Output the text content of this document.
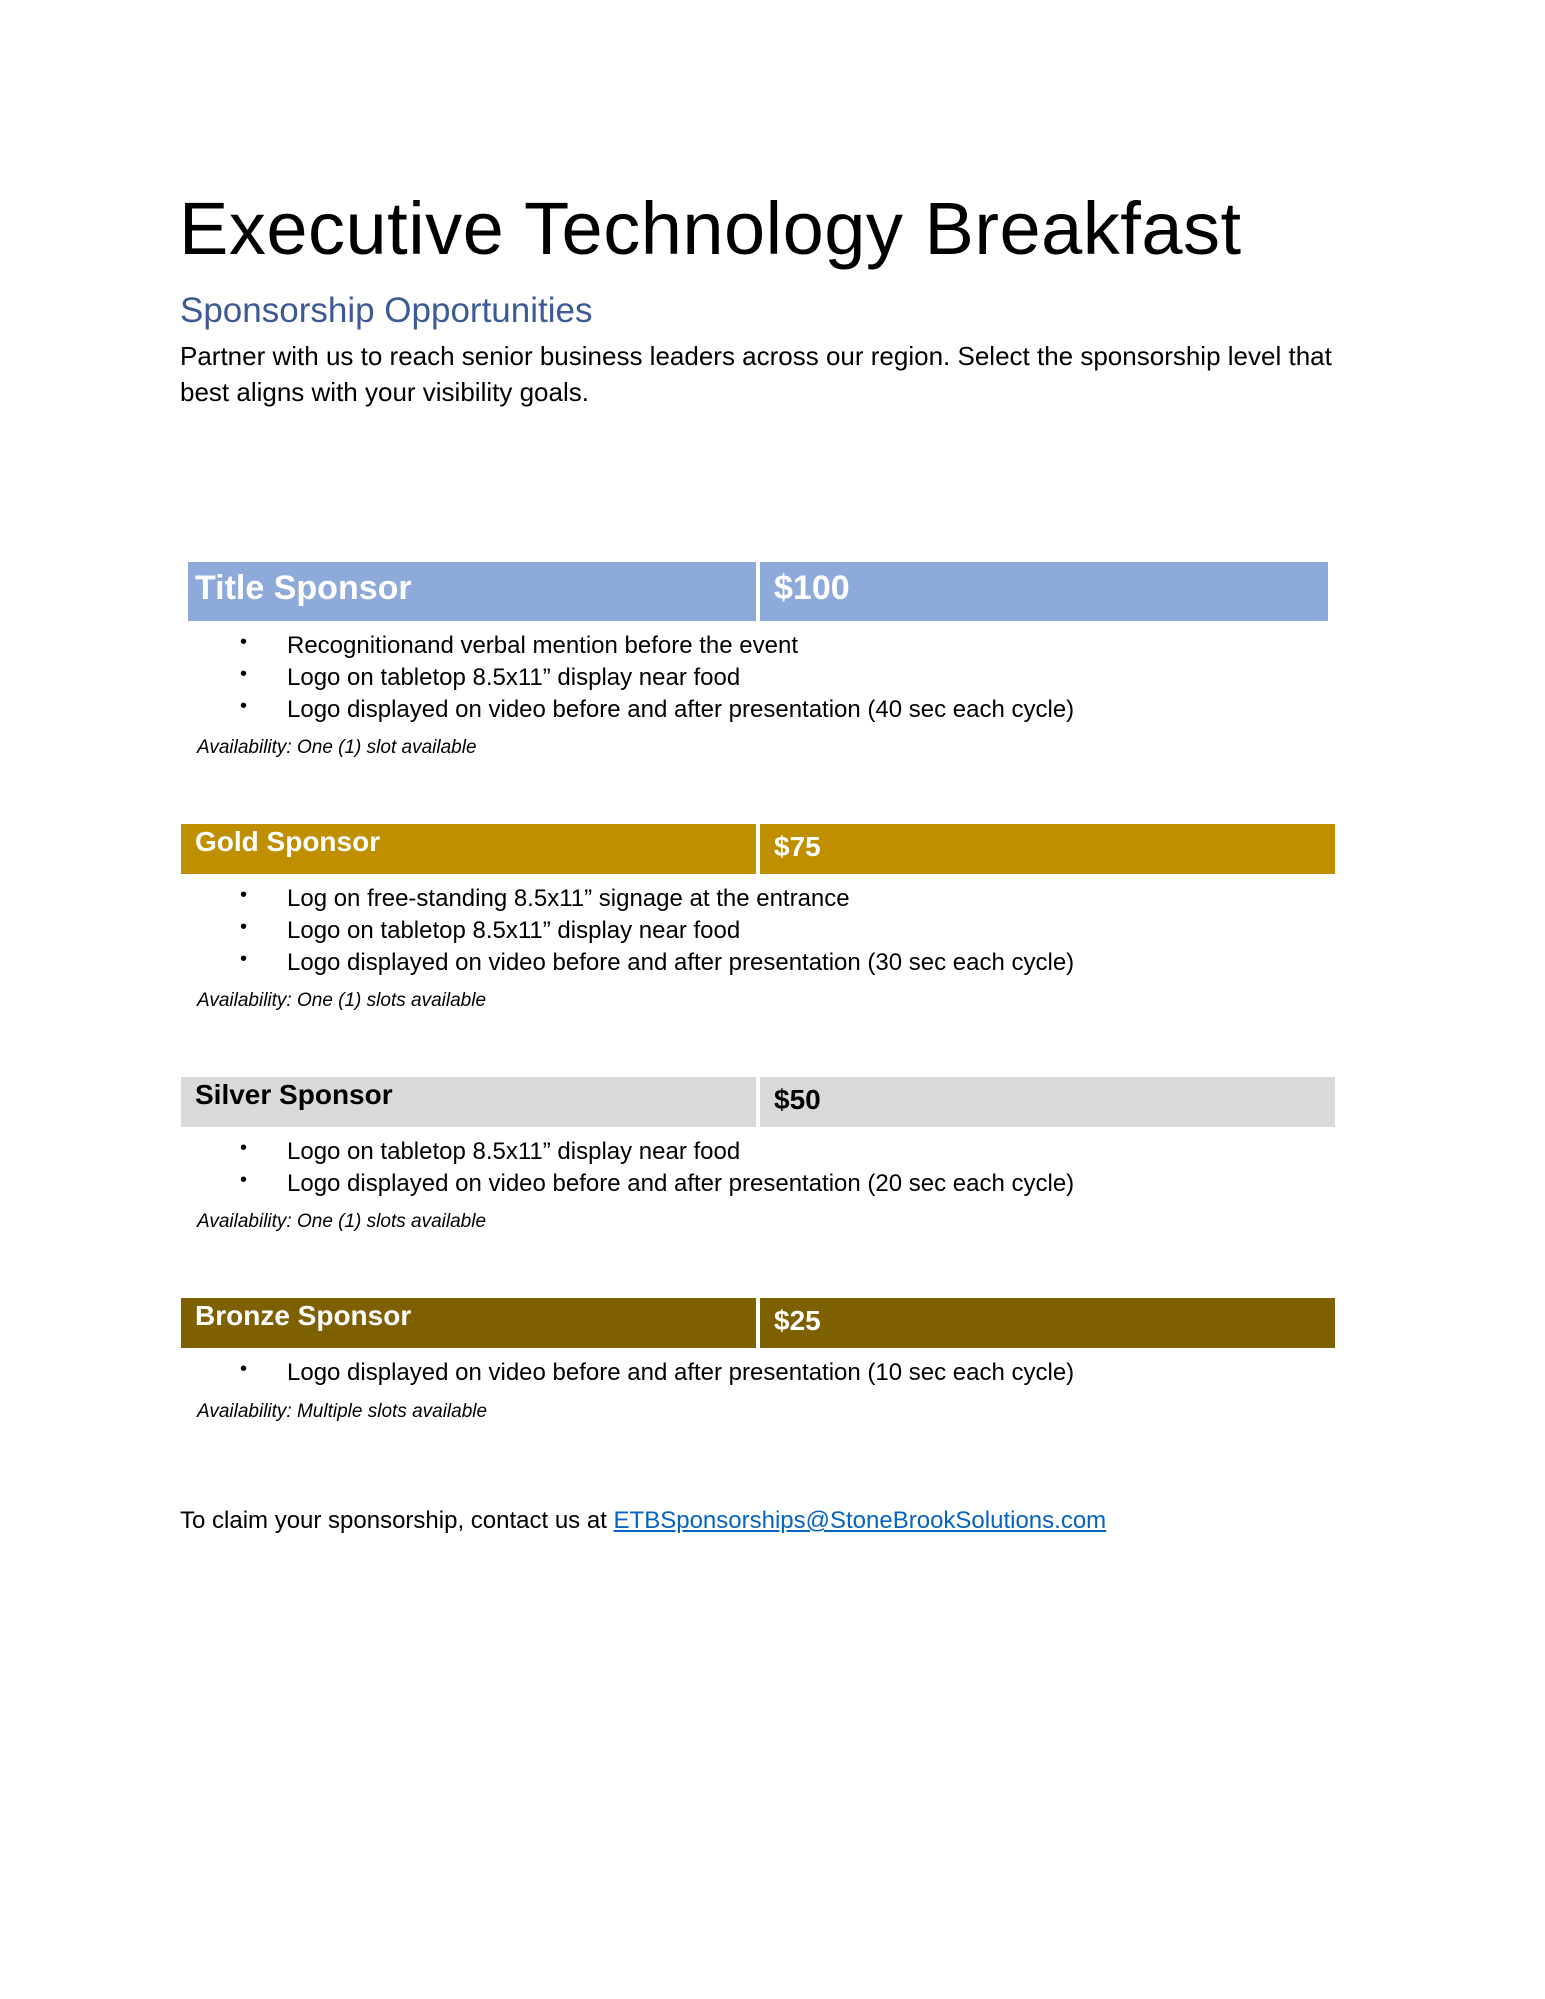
Executive Technology Breakfast
Sponsorship Opportunities

Partner with us to reach senior business leaders across our region. Select the sponsorship level that best aligns with your visibility goals.

Title Sponsor	$100
• Recognitionand verbal mention before the event
• Logo on tabletop 8.5x11” display near food
• Logo displayed on video before and after presentation (40 sec each cycle)

Availability: One (1) slot available

Gold Sponsor	$75
• Log on free-standing 8.5x11” signage at the entrance
• Logo on tabletop 8.5x11” display near food
• Logo displayed on video before and after presentation (30 sec each cycle)

Availability: One (1) slots available

Silver Sponsor	$50
• Logo on tabletop 8.5x11” display near food
• Logo displayed on video before and after presentation (20 sec each cycle)

Availability: One (1) slots available

Bronze Sponsor	$25
• Logo displayed on video before and after presentation (10 sec each cycle)

Availability: Multiple slots available

To claim your sponsorship, contact us at ETBSponsorships@StoneBrookSolutions.com
